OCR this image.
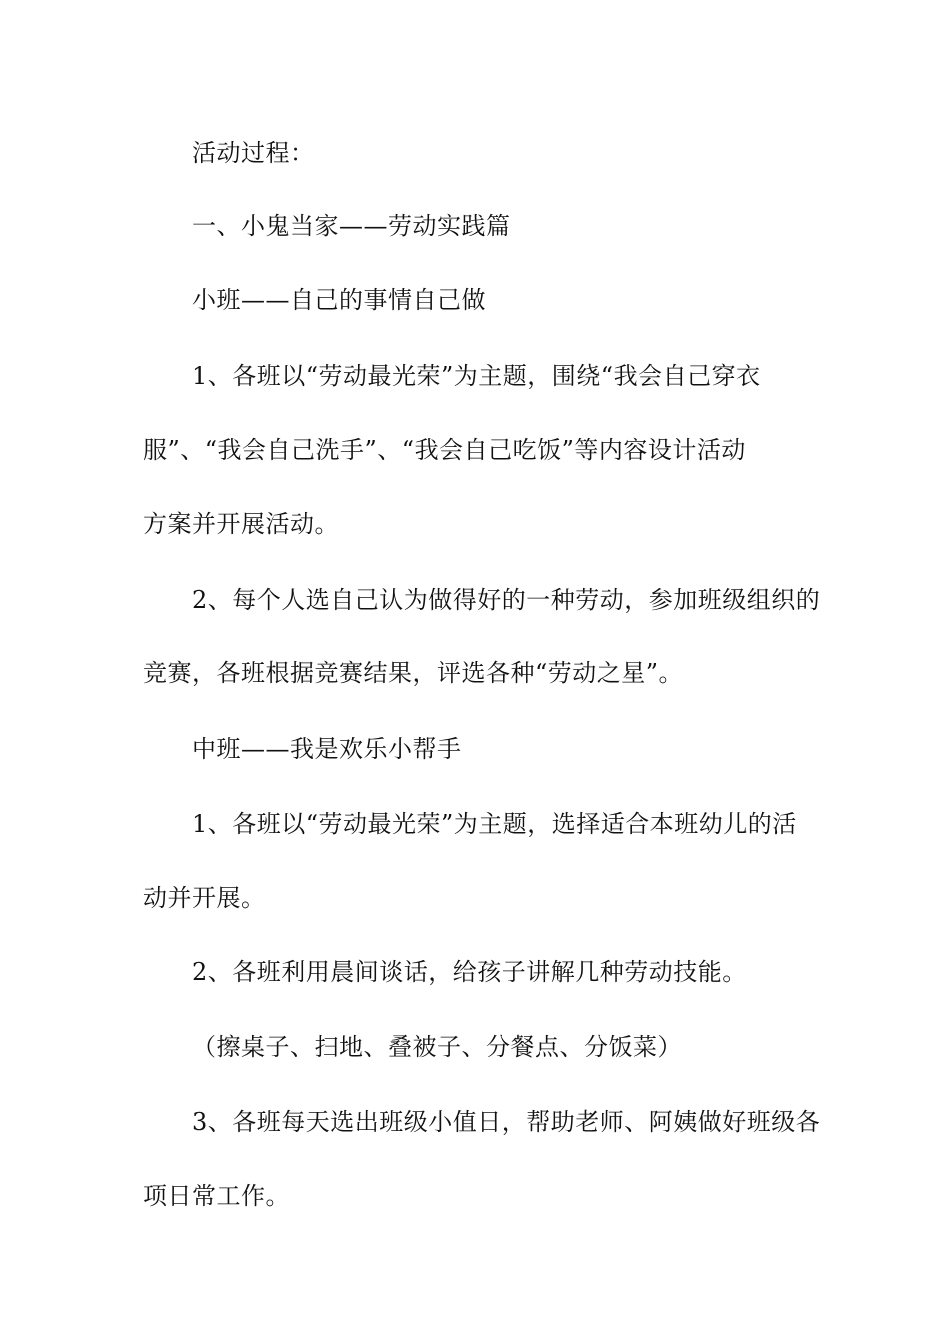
活动过程：
一、小鬼当家——劳动实践篇
小班——自己的事情自己做
1、各班以“劳动最光荣”为主题，围绕“我会自己穿衣
服”、“我会自己洗手”、“我会自己吃饭”等内容设计活动
方案并开展活动。
2、每个人选自己认为做得好的一种劳动，参加班级组织的
竞赛，各班根据竞赛结果，评选各种“劳动之星”。
中班——我是欢乐小帮手
1、各班以“劳动最光荣”为主题，选择适合本班幼儿的活
动并开展。
2、各班利用晨间谈话，给孩子讲解几种劳动技能。
（擦桌子、扫地、叠被子、分餐点、分饭菜）
3、各班每天选出班级小值日，帮助老师、阿姨做好班级各
项日常工作。
